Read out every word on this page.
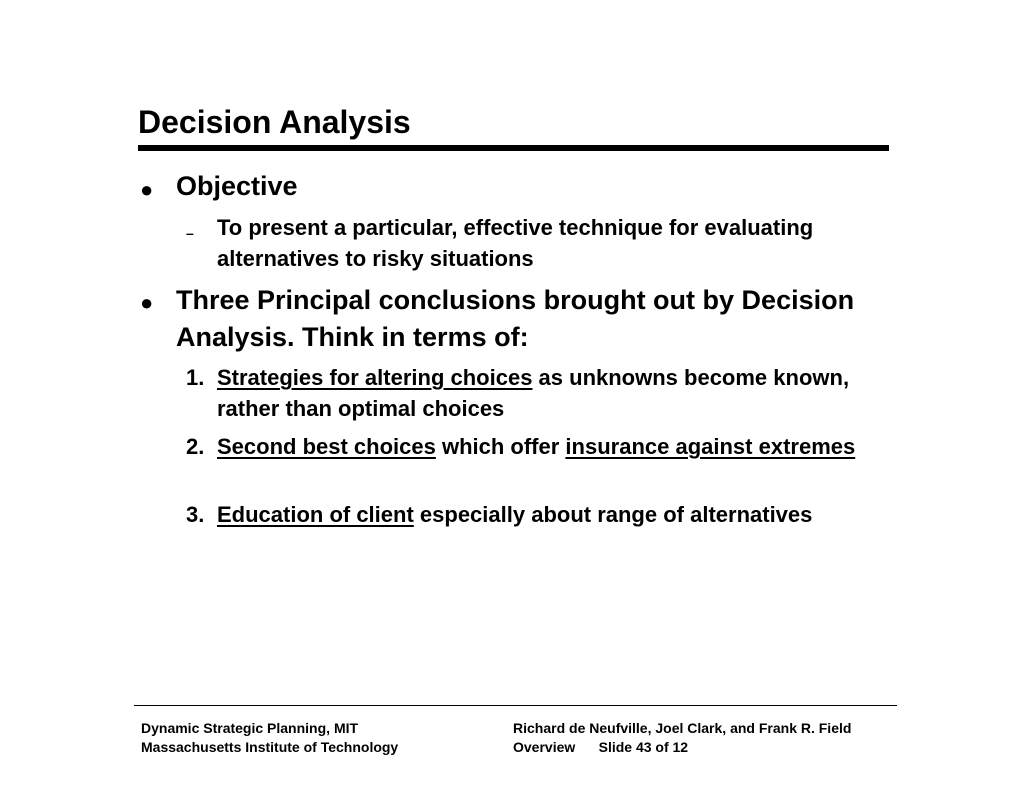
Decision Analysis
● Objective
– To present a particular, effective technique for evaluating alternatives to risky situations
● Three Principal conclusions brought out by Decision Analysis. Think in terms of:
1. Strategies for altering choices as unknowns become known, rather than optimal choices
2. Second best choices which offer insurance against extremes
3. Education of client especially about range of alternatives
Dynamic Strategic Planning, MIT
Massachusetts Institute of Technology
Richard de Neufville, Joel Clark, and Frank R. Field
Overview      Slide 43 of 12
